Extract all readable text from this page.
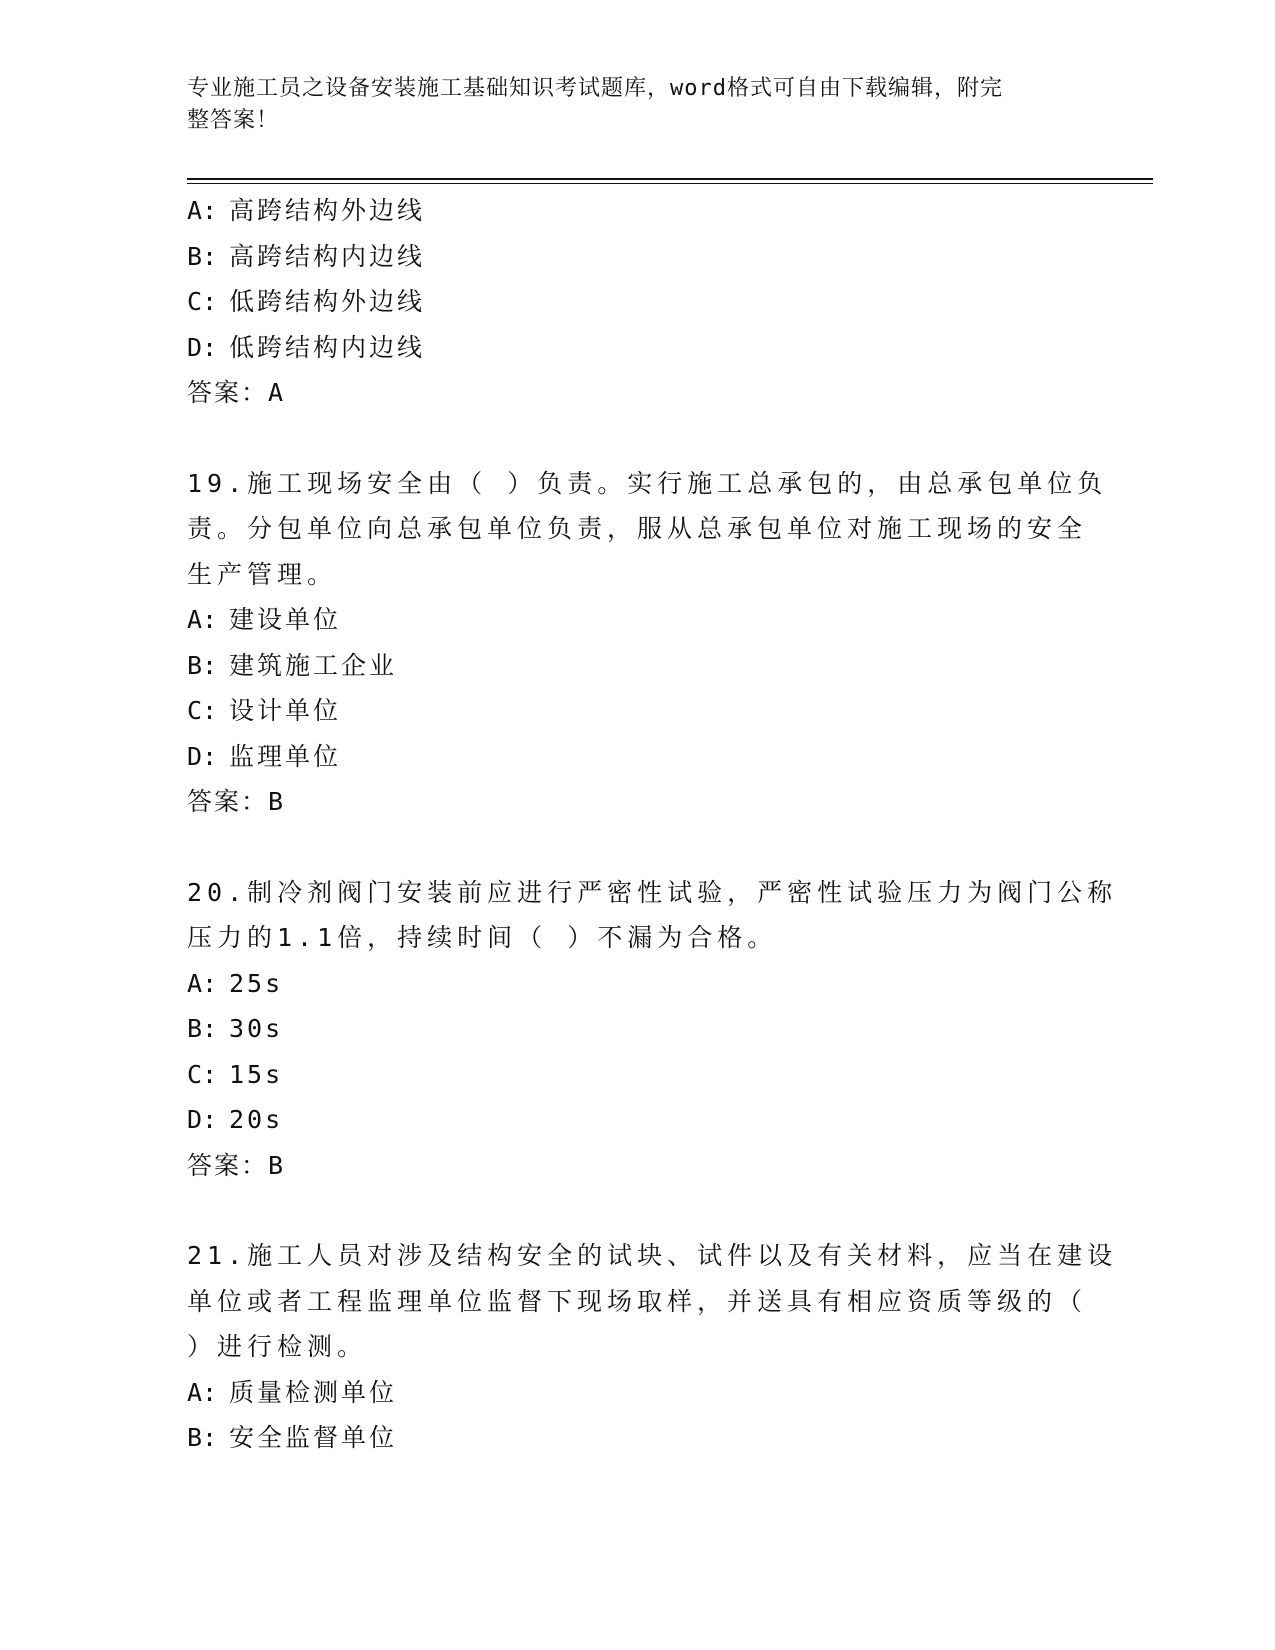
专业施工员之设备安装施工基础知识考试题库，word格式可自由下载编辑，附完
整答案！
A: 高跨结构外边线
B: 高跨结构内边线
C: 低跨结构外边线
D: 低跨结构内边线
答案：A
19.施工现场安全由（ ）负责。实行施工总承包的，由总承包单位负
责。分包单位向总承包单位负责，服从总承包单位对施工现场的安全
生产管理。
A: 建设单位
B: 建筑施工企业
C: 设计单位
D: 监理单位
答案：B
20.制冷剂阀门安装前应进行严密性试验，严密性试验压力为阀门公称
压力的1.1倍，持续时间（ ）不漏为合格。
A: 25s
B: 30s
C: 15s
D: 20s
答案：B
21.施工人员对涉及结构安全的试块、试件以及有关材料，应当在建设
单位或者工程监理单位监督下现场取样，并送具有相应资质等级的（
）进行检测。
A: 质量检测单位
B: 安全监督单位
